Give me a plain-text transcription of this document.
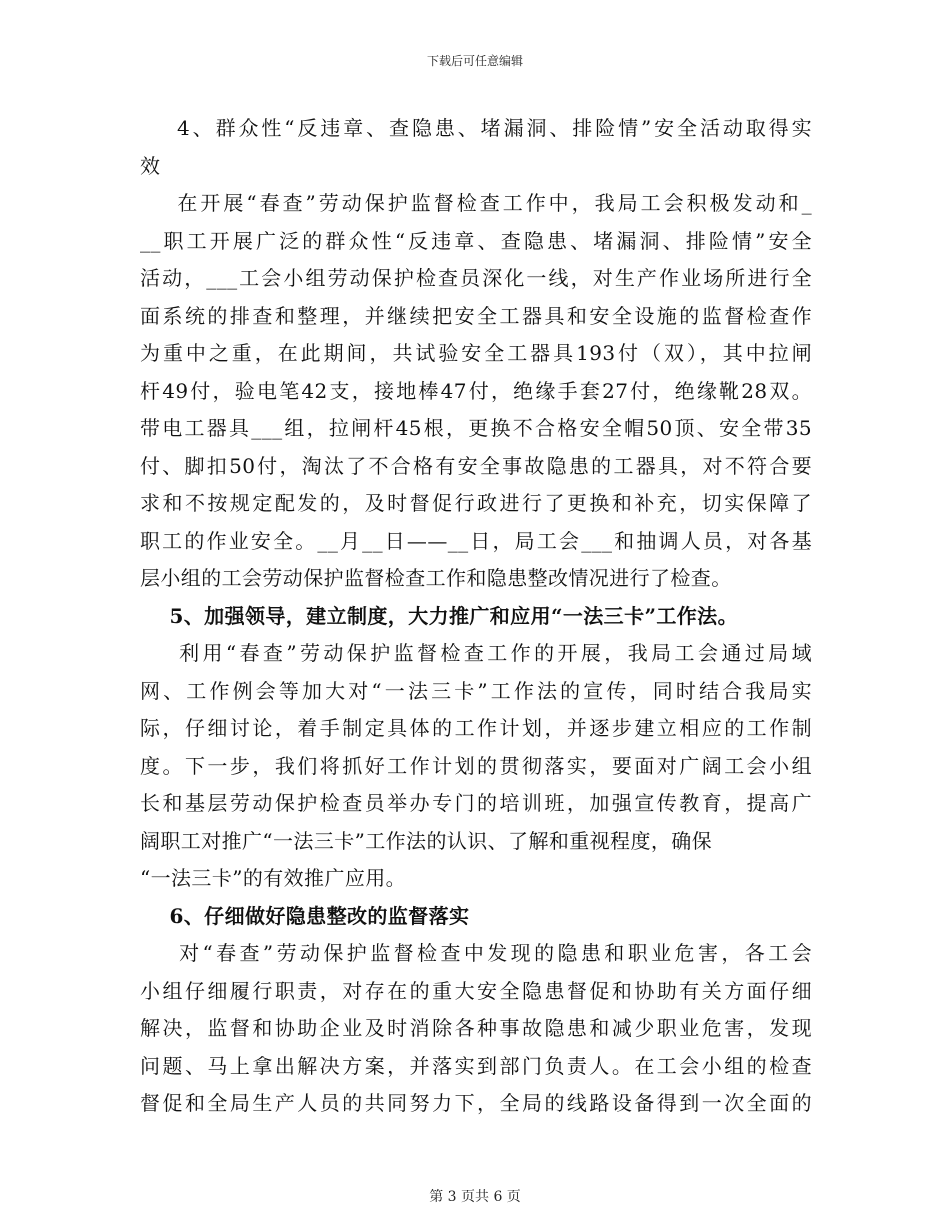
下载后可任意编辑
4、群众性“反违章、查隐患、堵漏洞、排险情”安全活动取得实
效
在开展“春查”劳动保护监督检查工作中，我局工会积极发动和_
__职工开展广泛的群众性“反违章、查隐患、堵漏洞、排险情”安全
活动，___工会小组劳动保护检查员深化一线，对生产作业场所进行全
面系统的排查和整理，并继续把安全工器具和安全设施的监督检查作
为重中之重，在此期间，共试验安全工器具193付（双），其中拉闸
杆49付，验电笔42支，接地棒47付，绝缘手套27付，绝缘靴28双。
带电工器具___组，拉闸杆45根，更换不合格安全帽50顶、安全带35
付、脚扣50付，淘汰了不合格有安全事故隐患的工器具，对不符合要
求和不按规定配发的，及时督促行政进行了更换和补充，切实保障了
职工的作业安全。__月__日——__日，局工会___和抽调人员，对各基
层小组的工会劳动保护监督检查工作和隐患整改情况进行了检查。
5、加强领导，建立制度，大力推广和应用“一法三卡”工作法。
利用“春查”劳动保护监督检查工作的开展，我局工会通过局域
网、工作例会等加大对“一法三卡”工作法的宣传，同时结合我局实
际，仔细讨论，着手制定具体的工作计划，并逐步建立相应的工作制
度。下一步，我们将抓好工作计划的贯彻落实，要面对广阔工会小组
长和基层劳动保护检查员举办专门的培训班，加强宣传教育，提高广
阔职工对推广“一法三卡”工作法的认识、了解和重视程度，确保
“一法三卡”的有效推广应用。
6、仔细做好隐患整改的监督落实
对“春查”劳动保护监督检查中发现的隐患和职业危害，各工会
小组仔细履行职责，对存在的重大安全隐患督促和协助有关方面仔细
解决，监督和协助企业及时消除各种事故隐患和减少职业危害，发现
问题、马上拿出解决方案，并落实到部门负责人。在工会小组的检查
督促和全局生产人员的共同努力下，全局的线路设备得到一次全面的
第 3 页共 6 页
